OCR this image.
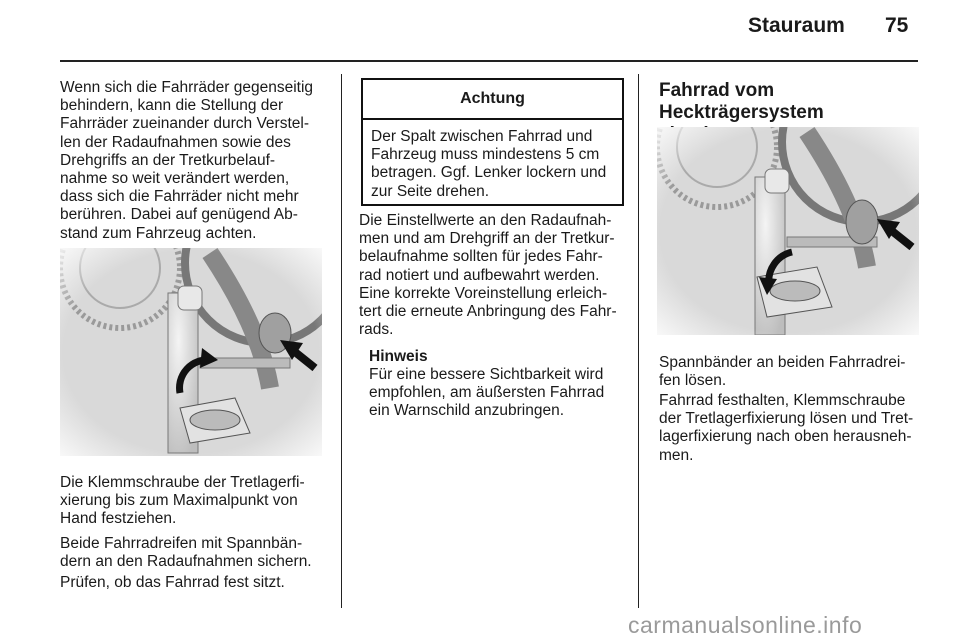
Stauraum 75
Wenn sich die Fahrräder gegenseitig
behindern, kann die Stellung der
Fahrräder zueinander durch Verstel-
len der Radaufnahmen sowie des
Drehgriffs an der Tretkurbelauf-
nahme so weit verändert werden,
dass sich die Fahrräder nicht mehr
berühren. Dabei auf genügend Ab-
stand zum Fahrzeug achten.
Die Klemmschraube der Tretlagerfi-
xierung bis zum Maximalpunkt von
Hand festziehen.
Beide Fahrradreifen mit Spannbän-
dern an den Radaufnahmen sichern.
Prüfen, ob das Fahrrad fest sitzt.
Achtung
Der Spalt zwischen Fahrrad und
Fahrzeug muss mindestens 5 cm
betragen. Ggf. Lenker lockern und
zur Seite drehen.
Die Einstellwerte an den Radaufnah-
men und am Drehgriff an der Tretkur-
belaufnahme sollten für jedes Fahr-
rad notiert und aufbewahrt werden.
Eine korrekte Voreinstellung erleich-
tert die erneute Anbringung des Fahr-
rads.
Hinweis
Für eine bessere Sichtbarkeit wird
empfohlen, am äußersten Fahrrad
ein Warnschild anzubringen.
Fahrrad vom Heckträgersystem
Spannbänder an beiden Fahrradrei-
fen lösen.
Fahrrad festhalten, Klemmschraube
der Tretlagerfixierung lösen und Tret-
lagerfixierung nach oben herausneh-
men.
carmanualsonline.info
